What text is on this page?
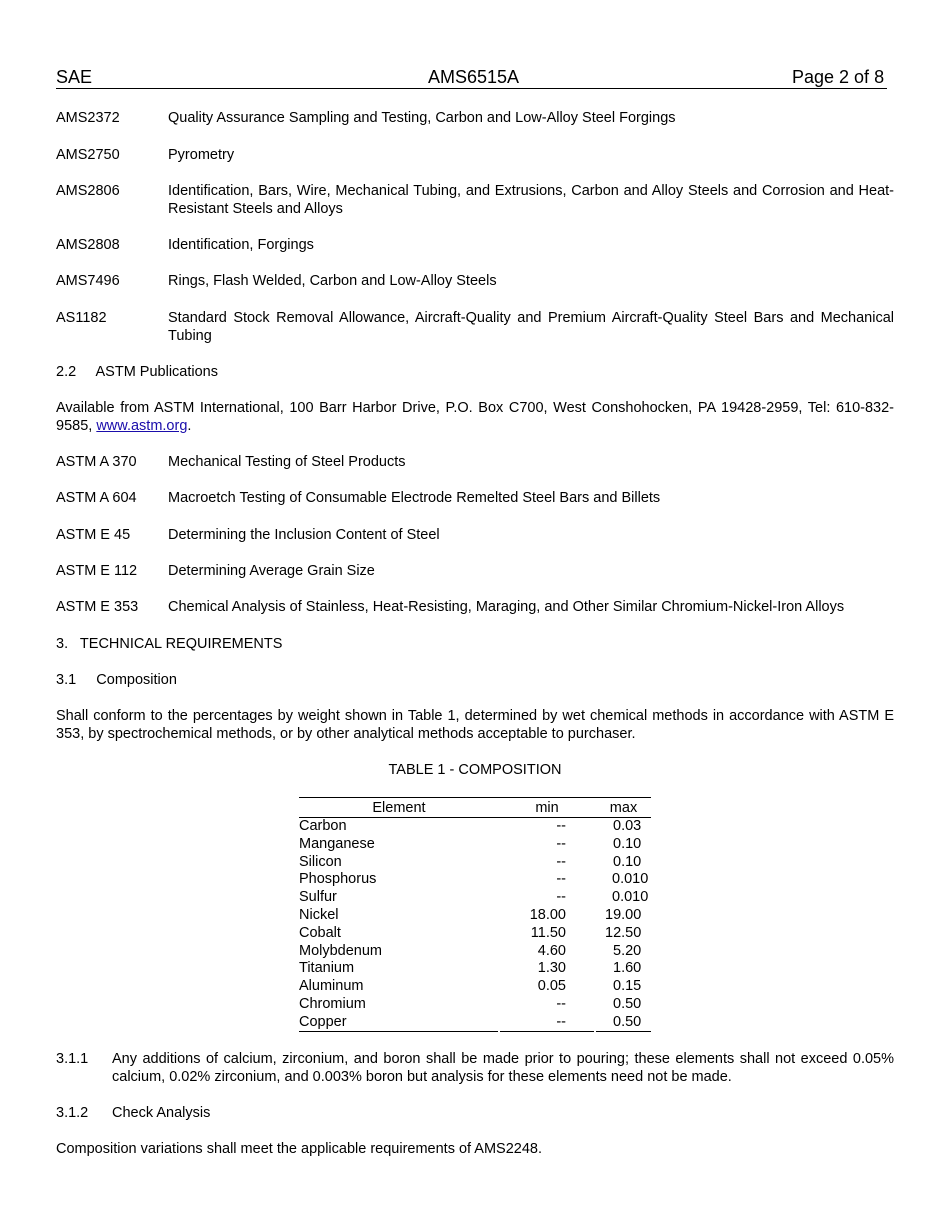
SAE	AMS6515A	Page 2 of 8
AMS2372	Quality Assurance Sampling and Testing, Carbon and Low-Alloy Steel Forgings
AMS2750	Pyrometry
AMS2806	Identification, Bars, Wire, Mechanical Tubing, and Extrusions, Carbon and Alloy Steels and Corrosion and Heat-Resistant Steels and Alloys
AMS2808	Identification, Forgings
AMS7496	Rings, Flash Welded, Carbon and Low-Alloy Steels
AS1182	Standard Stock Removal Allowance, Aircraft-Quality and Premium Aircraft-Quality Steel Bars and Mechanical Tubing
2.2     ASTM Publications
Available from ASTM International, 100 Barr Harbor Drive, P.O. Box C700, West Conshohocken, PA 19428-2959, Tel: 610-832-9585, www.astm.org.
ASTM A 370 Mechanical Testing of Steel Products
ASTM A 604 Macroetch Testing of Consumable Electrode Remelted Steel Bars and Billets
ASTM E 45	Determining the Inclusion Content of Steel
ASTM E 112 Determining Average Grain Size
ASTM E 353 Chemical Analysis of Stainless, Heat-Resisting, Maraging, and Other Similar Chromium-Nickel-Iron Alloys
3.   TECHNICAL REQUIREMENTS
3.1     Composition
Shall conform to the percentages by weight shown in Table 1, determined by wet chemical methods in accordance with ASTM E 353, by spectrochemical methods, or by other analytical methods acceptable to purchaser.
TABLE 1 - COMPOSITION
Element	min	max
Carbon	--	0.03
Manganese	--	0.10
Silicon	--	0.10
Phosphorus	--	0.010
Sulfur	--	0.010
Nickel	18.00	19.00
Cobalt	11.50	12.50
Molybdenum	4.60	5.20
Titanium	1.30	1.60
Aluminum	0.05	0.15
Chromium	--	0.50
Copper	--	0.50
3.1.1 Any additions of calcium, zirconium, and boron shall be made prior to pouring; these elements shall not exceed 0.05% calcium, 0.02% zirconium, and 0.003% boron but analysis for these elements need not be made.
3.1.2 Check Analysis
Composition variations shall meet the applicable requirements of AMS2248.
